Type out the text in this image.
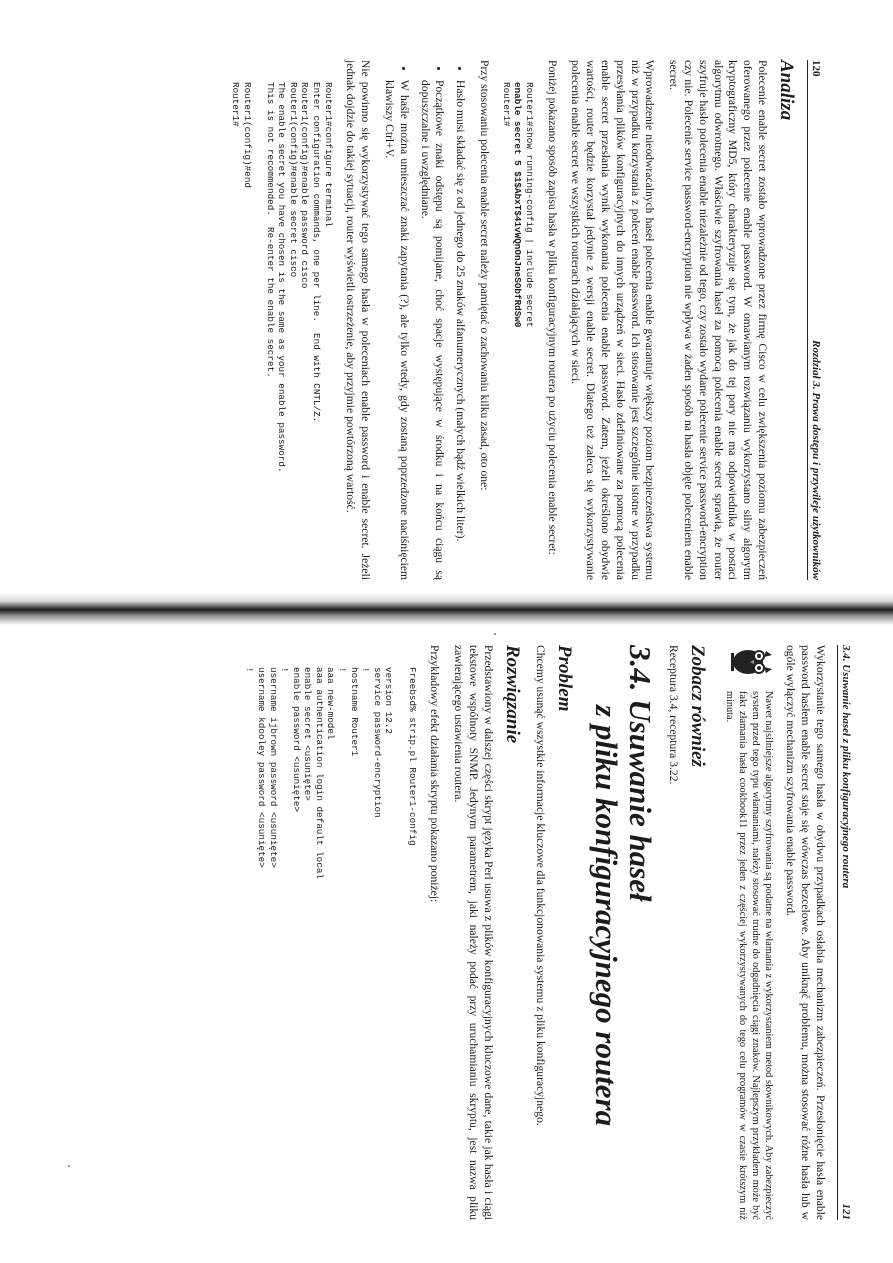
120
Rozdział 3. Prawa dostępu i przywileje użytkowników
Analiza

Polecenie enable secret zostało wprowadzone przez firmę Cisco w celu zwiększenia poziomu zabezpieczeń oferowanego przez polecenie enable password. W omawianym rozwiązaniu wykorzystano silny algorytm kryptograficzny MD5, który charakteryzuje się tym, że jak do tej pory nie ma odpowiednika w postaci algorytmu odwrotnego. Właściwie szyfrowania haseł za pomocą polecenia enable secret sprawia, że router szyfruje hasło polecenia enable niezależnie od tego, czy zostało wydane polecenie service password-encryption czy nie. Polecenie service password-encryption nie wpływa w żaden sposób na hasła objęte poleceniem enable secret.

Wprowadzenie nieodwracalnych haseł polecenia enable gwarantuje większy poziom bezpieczeństwa systemu niż w przypadku korzystania z poleceń enable password. Ich stosowanie jest szczególnie istotne w przypadku przesyłania plików konfiguracyjnych do innych urządzeń w sieci. Hasło zdefiniowane za pomocą polecenia enable secret przesłania wynik wykonania polecenia enable password. Zatem, jeżeli określono obydwie wartości, router będzie korzystał jedynie z wersji enable secret. Dlatego też zaleca się wykorzystywanie polecenia enable secret we wszystkich routerach działających w sieci.

Poniżej pokazano sposób zapisu hasła w pliku konfiguracyjnym routera po użyciu polecenia enable secret:

Router1#show running-config | include secret
enable secret 5 $1$AbxT$41vWQnOnJneSObfRdSw0
Router1#

Przy stosowaniu polecenia enable secret należy pamiętać o zachowaniu kilku zasad, oto one:

• Hasło musi składać się z od jednego do 25 znaków alfanumerycznych (małych bądź wielkich liter).
• Początkowe znaki odstępu są pomijane, choć spacje występujące w środku i na końcu ciągu są dopuszczalne i uwzględniane.
• W haśle można umieszczać znaki zapytania (?), ale tylko wtedy, gdy zostaną poprzedzone naciśnięciem klawiszy Ctrl+V.

Nie powinno się wykorzystywać tego samego hasła w poleceniach enable password i enable secret. Jeżeli jednak dojdzie do takiej sytuacji, router wyświetli ostrzeżenie, aby przyjmie powtórzoną wartość.

Router1#configure terminal
Enter configuration commands, one per line.  End with CNTL/Z.
Router1(config)#enable password cisco
Router1(config)#enable secret cisco
The enable secret you have chosen is the same as your enable password.
This is not recommended.  Re-enter the enable secret.

Router1(config)#end
Router1#
3.4. Usuwanie haseł z pliku konfiguracyjnego routera
121

Wykorzystanie tego samego hasła w obydwu przypadkach osłabia mechanizm zabezpieczeń. Przesłonięcie hasła enable password hasłem enable secret staje się wówczas bezcelowe. Aby uniknąć problemu, można stosować różne hasła lub w ogóle wyłączyć mechanizm szyfrowania enable password.

Nawet najsilniejsze algorytmy szyfrowania są podatne na włamania z wykorzystaniem metod słownikowych. Aby zabezpieczyć system przed tego typu włamaniami, należy stosować trudne do odgadnięcia ciągi znaków. Najlepszym przykładem może być fakt złamania hasła cookbook11 przez jeden z częściej wykorzystywanych do tego celu programów w czasie krótszym niż minuta.

Zobacz również

Receptura 3.4, receptura 3.22.

3.4. Usuwanie haseł
z pliku konfiguracyjnego routera
Problem

Chcemy usunąć wszystkie informacje kluczowe dla funkcjonowania systemu z pliku konfiguracyjnego.

Rozwiązanie

Przedstawiony w dalszej części skrypt języka Perl usuwa z plików konfiguracyjnych kluczowe dane, takie jak hasła i ciągi tekstowe wspólnoty SNMP. Jedynym parametrem, jaki należy podać przy uruchamianiu skryptu, jest nazwa pliku zawierającego ustawienia routera.

Przykładowy efekt działania skryptu pokazano poniżej:

Freebsd% strip.pl Router1-config

version 12.2
service password-encryption
!
hostname Router1
!
aaa new-model
aaa authentication login default local
enable secret <usunięte>
enable password <usunięte>
!
username ijbrown password <usunięte>
username kdooley password <usunięte>
!
